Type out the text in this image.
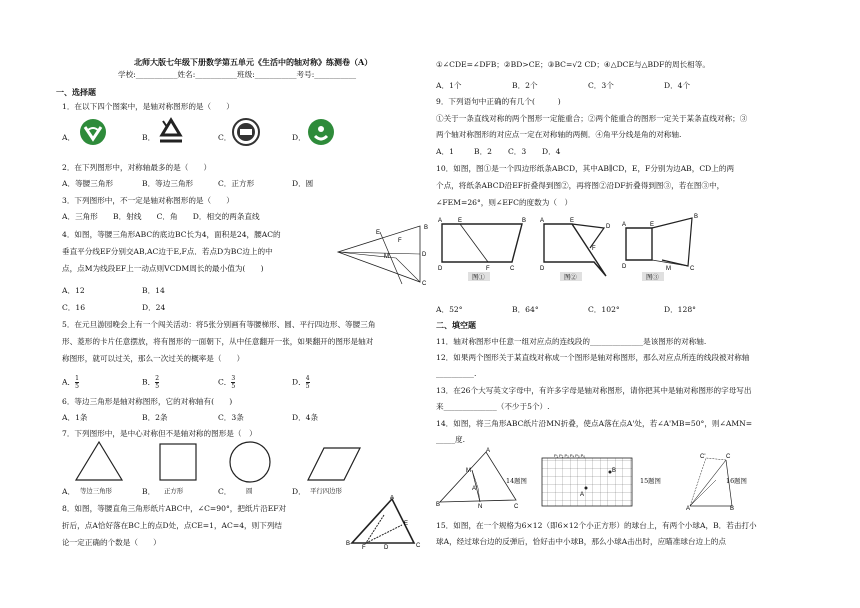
北师大版七年级下册数学第五单元《生活中的轴对称》练测卷（A）
学校:___________姓名:___________班级:___________考号:___________
一、选择题
1．在以下四个图案中，是轴对称图形的是（　　）
A．	B．	C．	D．
2．在下列图形中，对称轴最多的是（　　）
A．等腰三角形	B．等边三角形	C．正方形	D．圆
3．下列图形中，不一定是轴对称图形的是（　　）
A．三角形　　B．射线　　C．角　　D．相交的两条直线
4．如图，等腰三角形ABC的底边BC长为4，面积是24，腰AC的
垂直平分线EF分别交AB,AC边于E,F点．若点D为BC边上的中
点，点M为线段EF上一动点则VCDM周长的最小值为(　　)
A．12	B．14
C．16	D．24
B
E
F
M	D
C
5．在元旦游园晚会上有一个闯关活动：将5张分别画有等腰梯形、圆、平行四边形、等腰三角
形、菱形的卡片任意摆放，将有图形的一面朝下，从中任意翻开一张，如果翻开的图形是轴对
称图形，就可以过关，那么一次过关的概率是（　　）
A． $\frac{1}{5}$	B． $\frac{2}{5}$	C． $\frac{3}{5}$	D． $\frac{4}{5}$
6．等边三角形是轴对称图形，它的对称轴有(　　)
A．1条	B．2条	C．3条	D．4条
7．下列图形中，是中心对称但不是轴对称的图形是（　）
A． 等边三角形	B． 正方形	C． 圆	D． 平行四边形
8．如图，等腰直角三角形纸片ABC中，∠C=90°，把纸片沿EF对
折后，点A恰好落在BC上的点D处，点CE=1，AC=4，则下列结
论一定正确的个数是（　　）
A
E
F
B	C
D
①∠CDE=∠DFB；②BD>CE；③BC=√2 CD；④△DCE与△BDF的周长相等。
A．1个	B．2个	C．3个	D．4个
9．下列语句中正确的有几个(　　　)
①关于一条直线对称的两个图形一定能重合；②两个能重合的图形一定关于某条直线对称；③
两个轴对称图形的对应点一定在对称轴的两侧．④角平分线是角的对称轴.
A．1	B．2 C．3 D．4
10．如图，图①是一个四边形纸条ABCD，其中AB∥CD，E，F分别为边AB，CD上的两
个点，将纸条ABCD沿EF折叠得到图②，再将图②沿DF折叠得到图③，若在图③中，
∠FEM=26°，则∠EFC的度数为（　）
A	E	B
D	F	C
图①
A	E
D
D
F
图②
A	E
B
D	M	C
图③
A．52°	B．64°	C．102°	D．128°
二、填空题
11．轴对称图形中任意一组对应点的连线段的______________是该图形的对称轴.
12．如果两个图形关于某直线对称成一个图形是轴对称图形，那么对应点所连的线段被对称轴
__________.
13．在26个大写英文字母中，有许多字母是轴对称图形，请你把其中是轴对称图形的字母写出
来______________（不少于5个）.
14．如图，将三角形ABC纸片沿MN折叠，使点A落在点A'处，若∠A'MB=50°，则∠AMN=
_____度.
A
M
A'
B	N	C
14题图
A
B
P₁ P₂ P₃ P₄ P₅ P₆
15题图
C'
A	B
C
16题图
15．如图，在一个规格为6×12（即6×12个小正方形）的球台上，有两个小球A，B．若击打小
球A，经过球台边的反弹后，恰好击中小球B，那么小球A击出时，应瞄准球台边上的点
